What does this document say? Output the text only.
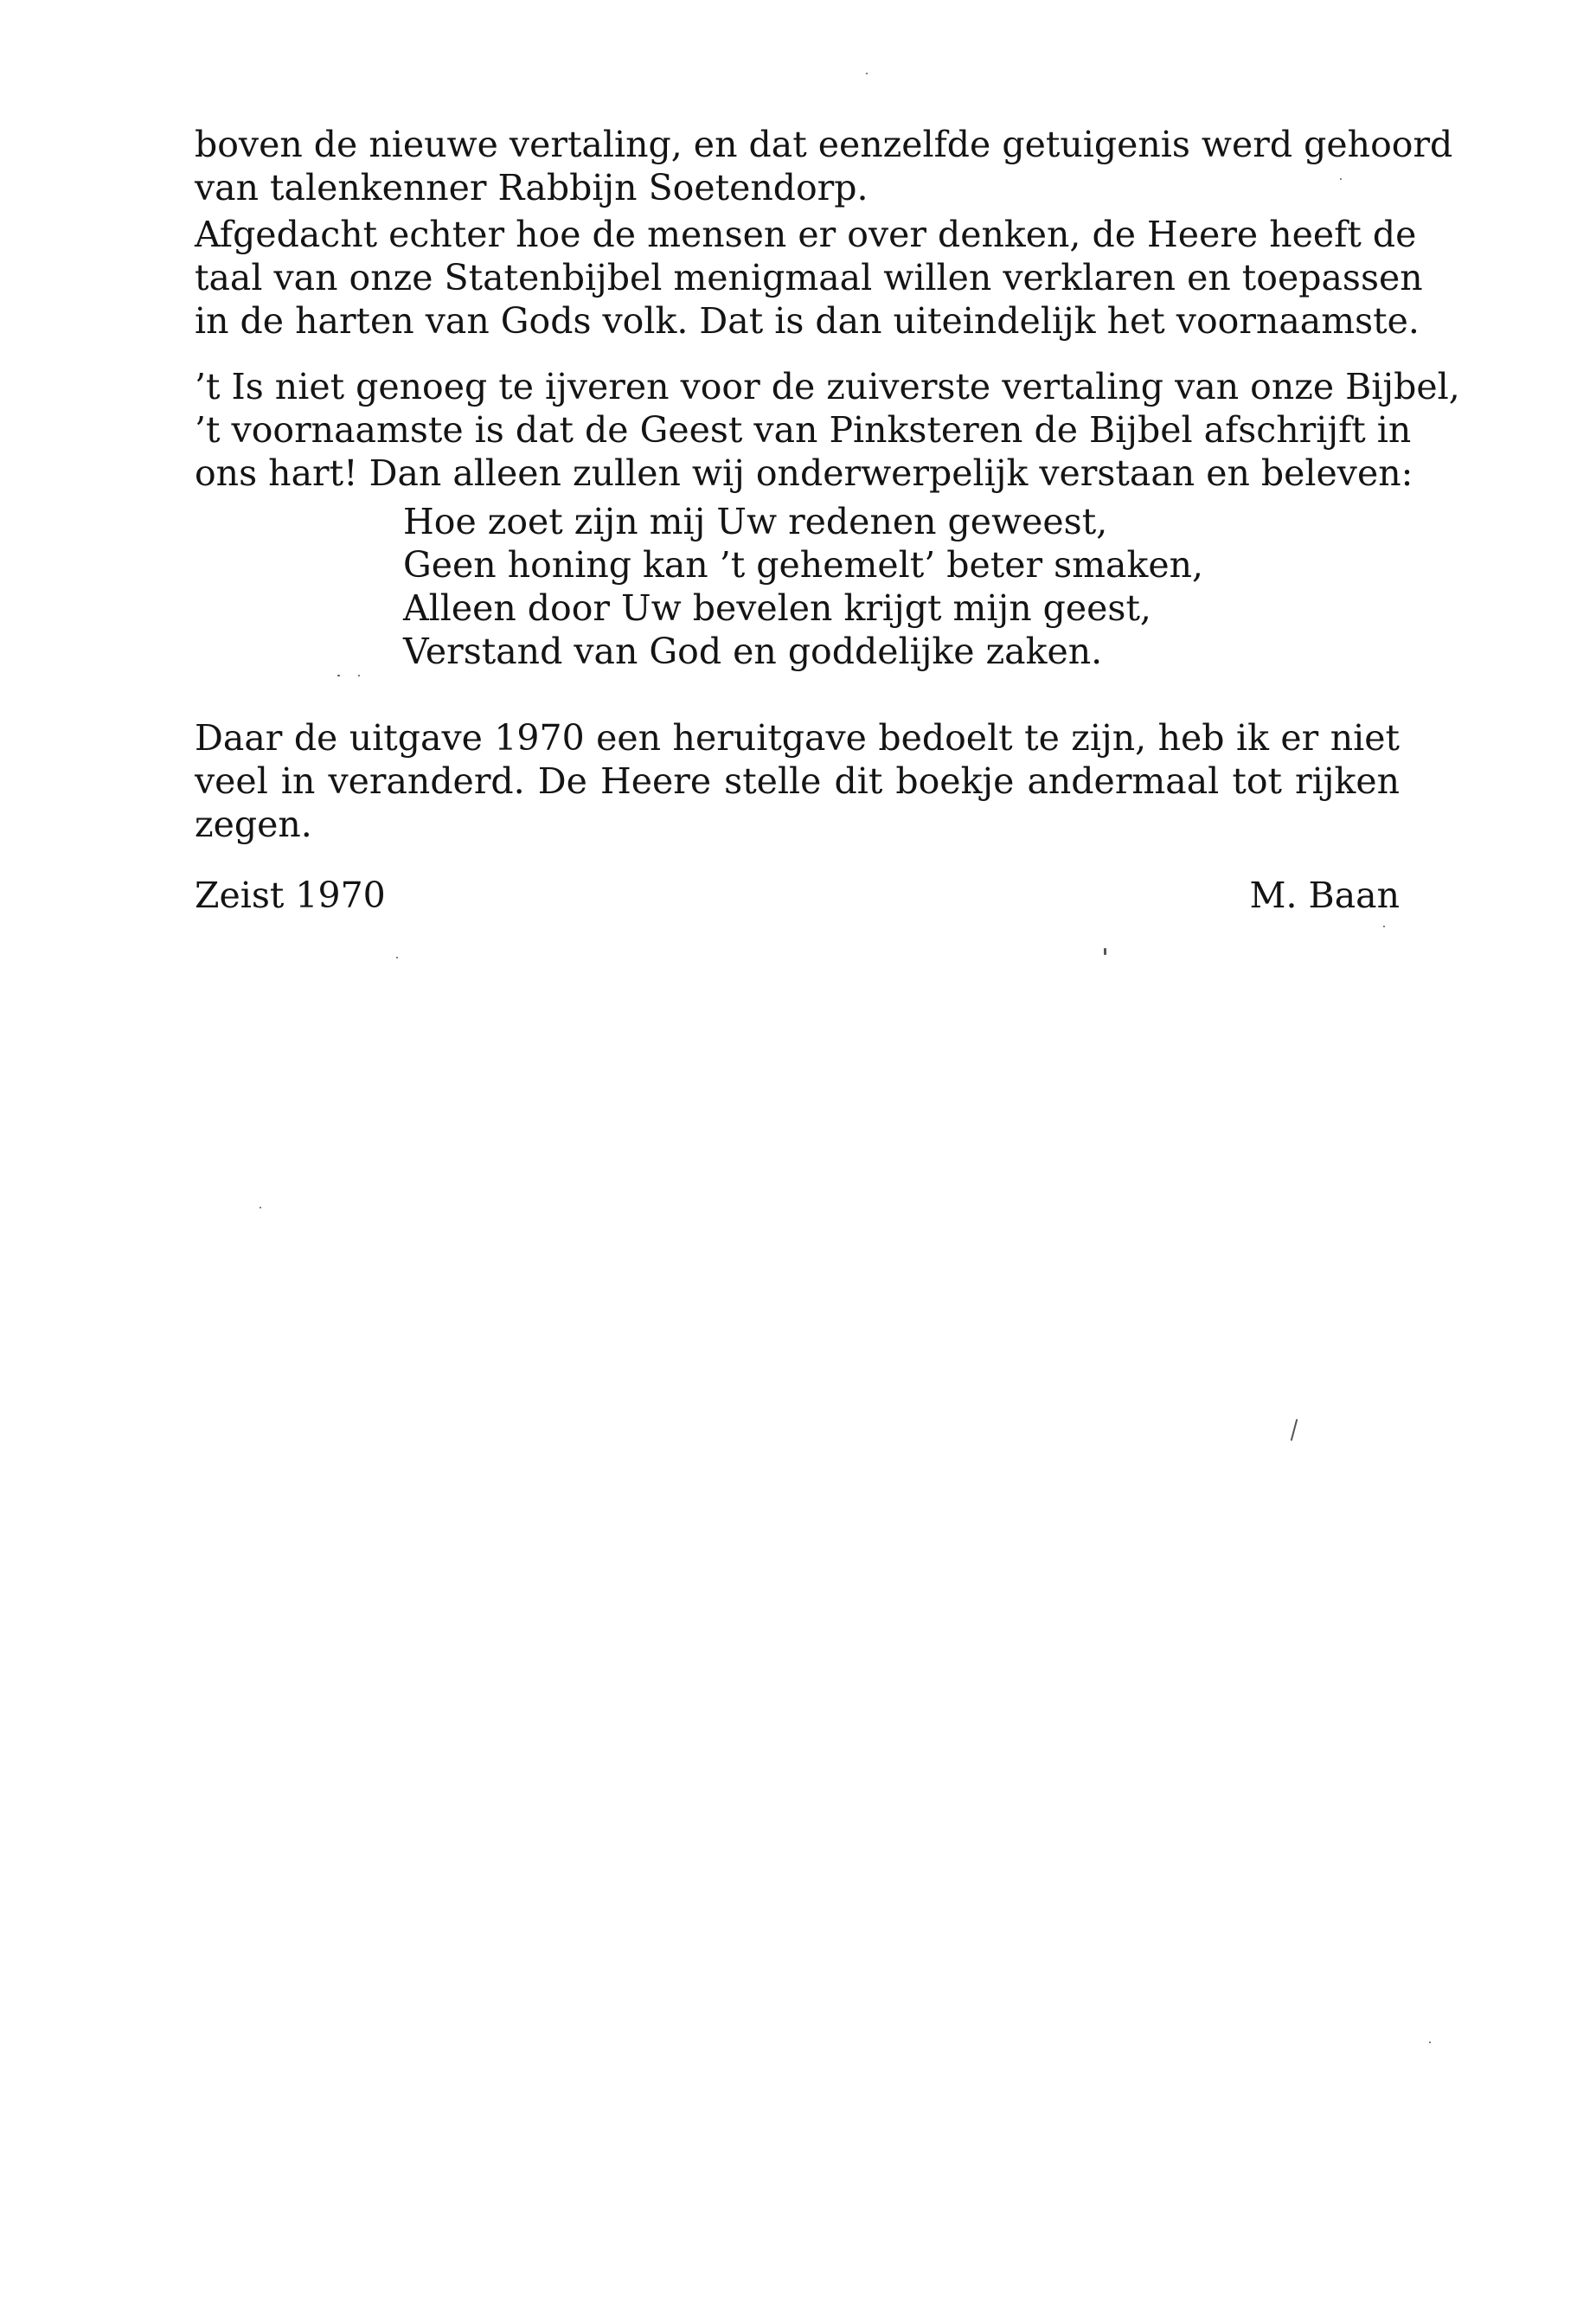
boven de nieuwe vertaling, en dat eenzelfde getuigenis werd gehoord
van talenkenner Rabbijn Soetendorp.
Afgedacht echter hoe de mensen er over denken, de Heere heeft de
taal van onze Statenbijbel menigmaal willen verklaren en toepassen
in de harten van Gods volk. Dat is dan uiteindelijk het voornaamste.
’t Is niet genoeg te ijveren voor de zuiverste vertaling van onze Bijbel,
’t voornaamste is dat de Geest van Pinksteren de Bijbel afschrijft in
ons hart! Dan alleen zullen wij onderwerpelijk verstaan en beleven:
Hoe zoet zijn mij Uw redenen geweest,
Geen honing kan ’t gehemelt’ beter smaken,
Alleen door Uw bevelen krijgt mijn geest,
Verstand van God en goddelijke zaken.
Daar de uitgave 1970 een heruitgave bedoelt te zijn, heb ik er niet
veel in veranderd. De Heere stelle dit boekje andermaal tot rijken
zegen.
Zeist 1970	M. Baan
